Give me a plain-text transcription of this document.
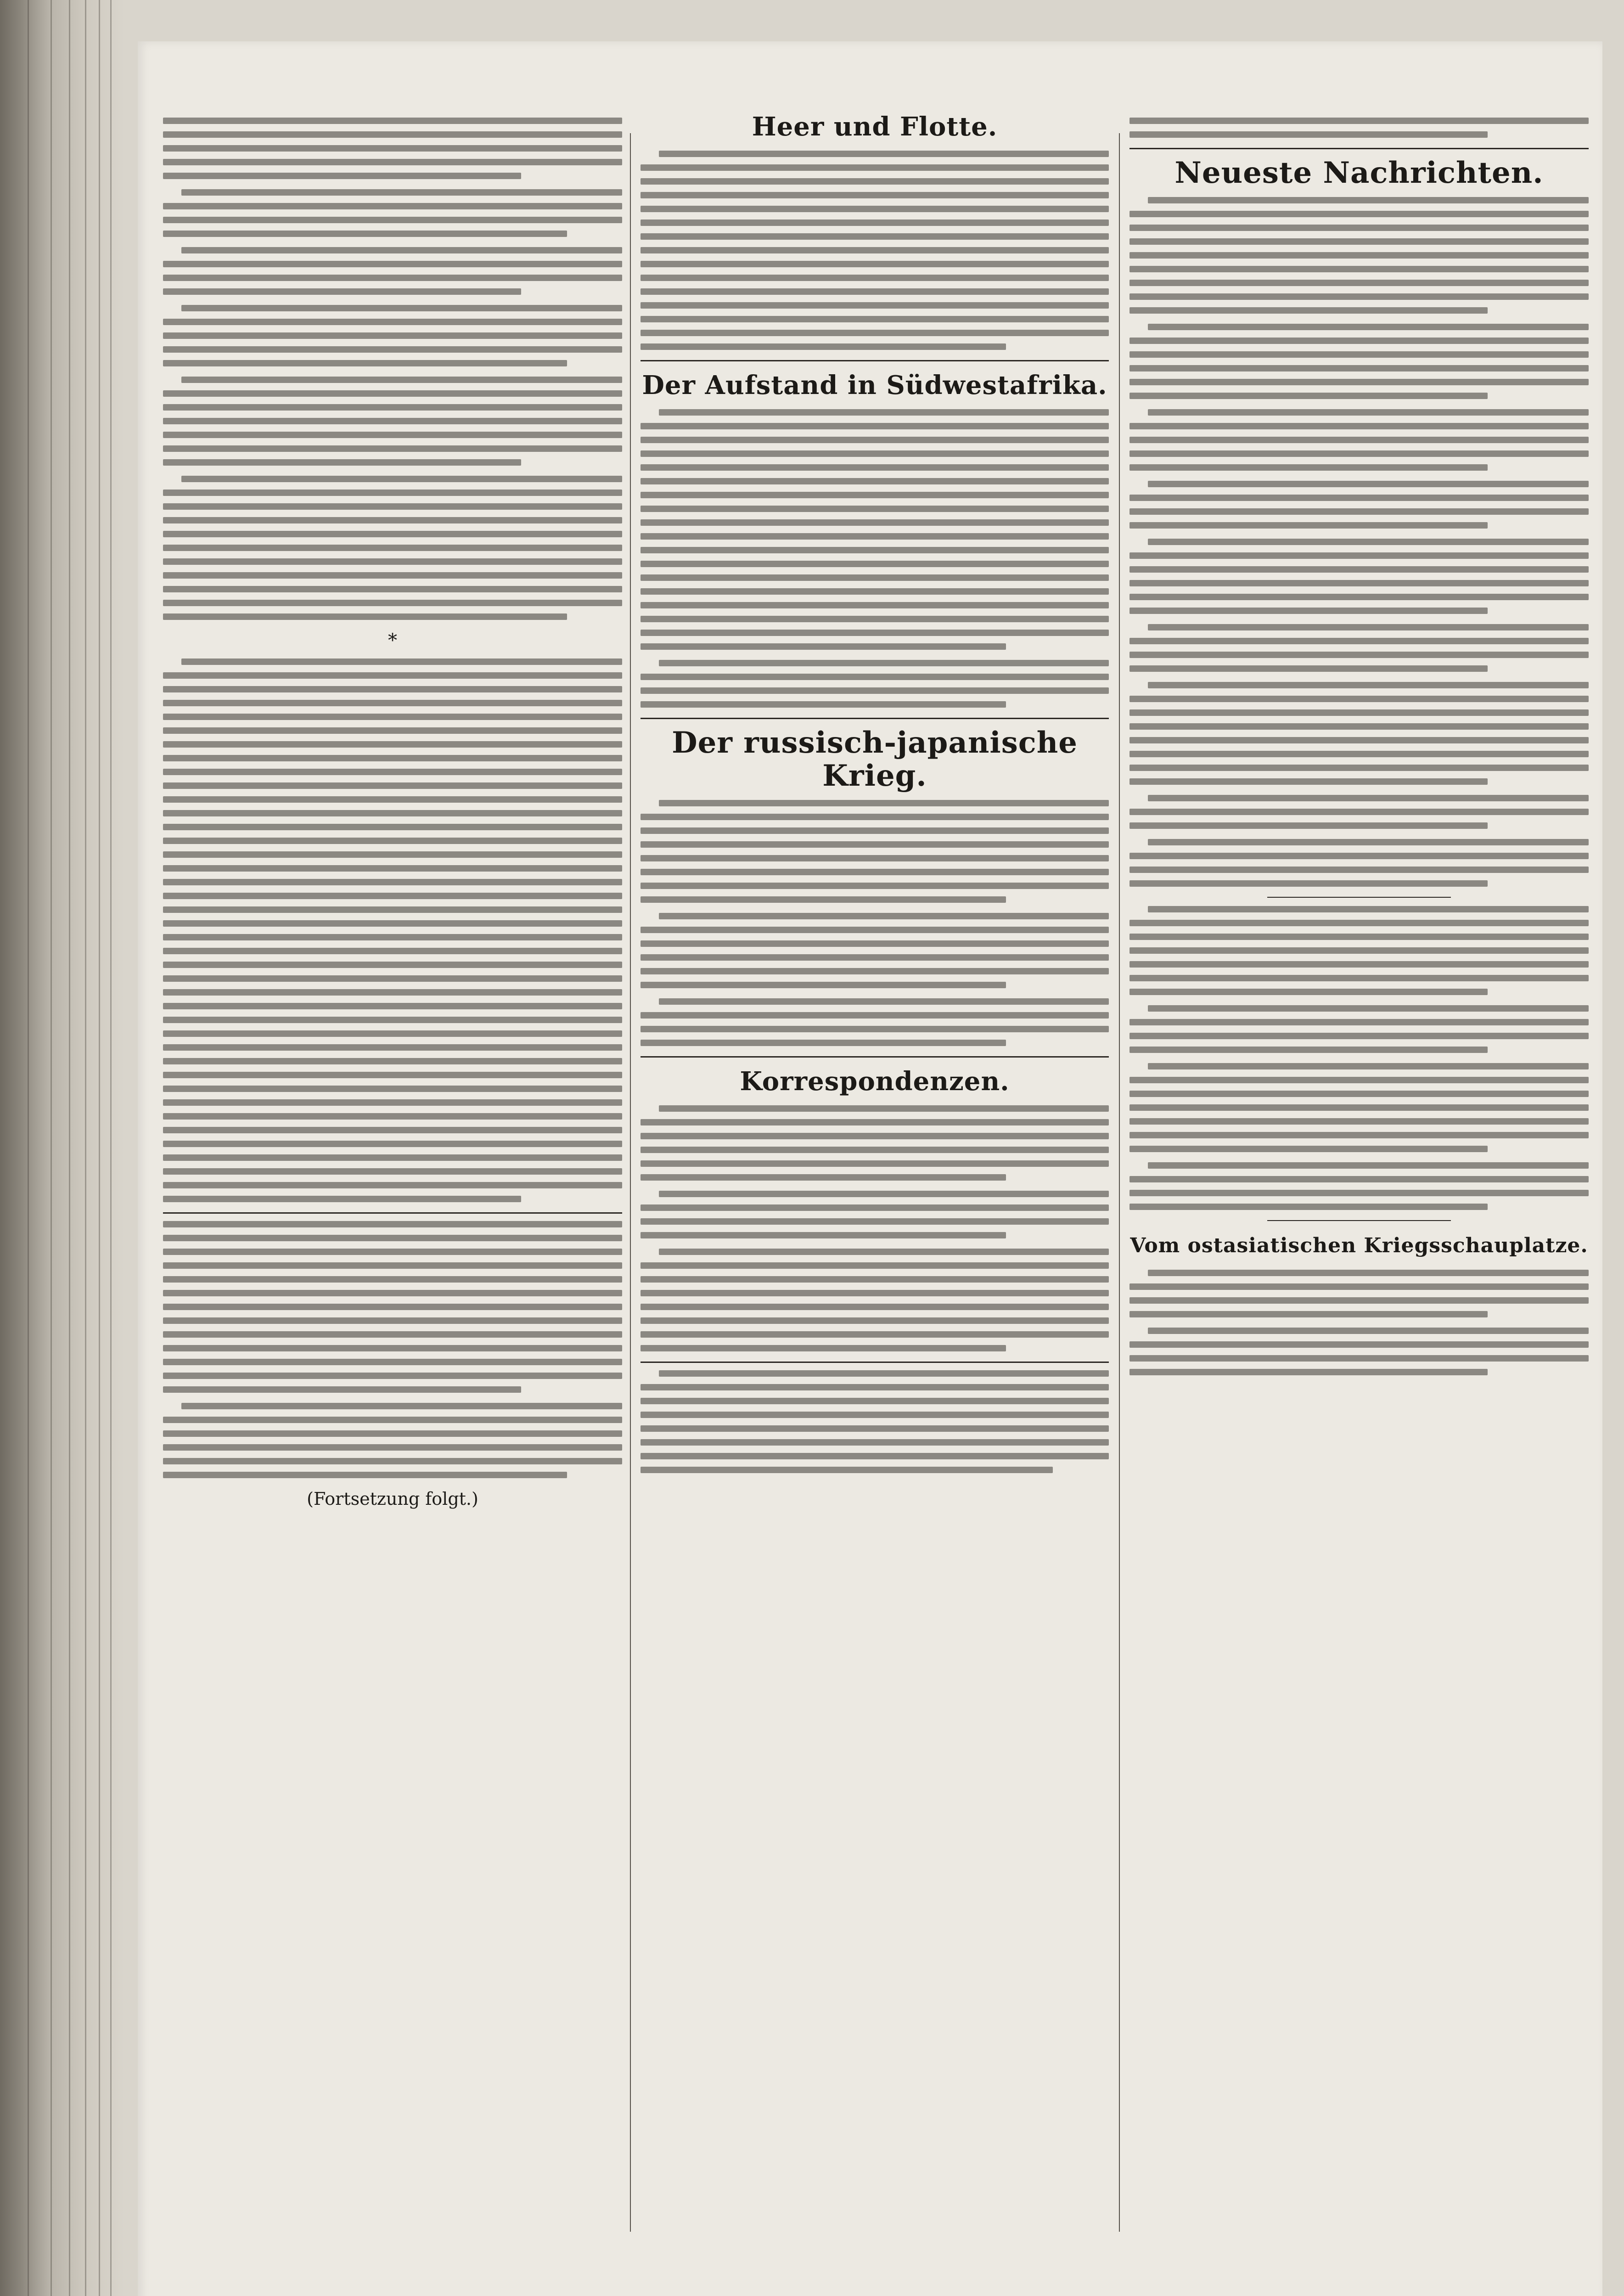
*
(Fortsetzung folgt.)
Heer und Flotte.
Der Aufstand in Südwestafrika.
Der russisch-japanische Krieg.
Korrespondenzen.
Neueste Nachrichten.
Vom ostasiatischen Kriegsschauplatze.
